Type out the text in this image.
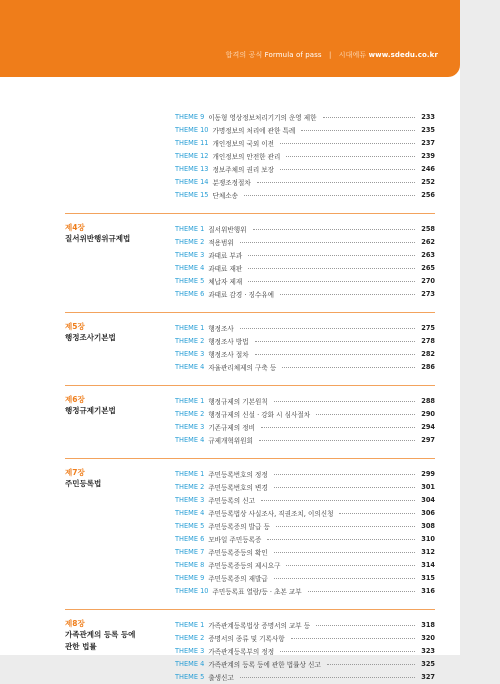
합격의 공식 Formula of pass | 시대에듀 www.sdedu.co.kr
THEME 9 이동형 영상정보처리기기의 운영 제한	233
THEME 10 가명정보의 처리에 관한 특례	235
THEME 11 개인정보의 국외 이전	237
THEME 12 개인정보의 안전한 관리	239
THEME 13 정보주체의 권리 보장	246
THEME 14 분쟁조정절차	252
THEME 15 단체소송	256
제4장
질서위반행위규제법
THEME 1 질서위반행위	258
THEME 2 적용범위	262
THEME 3 과태료 부과	263
THEME 4 과태료 재판	265
THEME 5 체납자 제재	270
THEME 6 과태료 감경 · 징수유예	273
제5장
행정조사기본법
THEME 1 행정조사	275
THEME 2 행정조사 방법	278
THEME 3 행정조사 절차	282
THEME 4 자율관리체제의 구축 등	286
제6장
행정규제기본법
THEME 1 행정규제의 기본원칙	288
THEME 2 행정규제의 신설 · 강화 시 심사절차	290
THEME 3 기존규제의 정비	294
THEME 4 규제개혁위원회	297
제7장
주민등록법
THEME 1 주민등록번호의 정정	299
THEME 2 주민등록번호의 변경	301
THEME 3 주민등록의 신고	304
THEME 4 주민등록법상 사실조사, 직권조치, 이의신청	306
THEME 5 주민등록증의 발급 등	308
THEME 6 모바일 주민등록증	310
THEME 7 주민등록증등의 확인	312
THEME 8 주민등록증등의 제시요구	314
THEME 9 주민등록증의 재발급	315
THEME 10 주민등록표 열람/등 · 초본 교부	316
제8장
가족관계의 등록 등에
관한 법률
THEME 1 가족관계등록법상 증명서의 교부 등	318
THEME 2 증명서의 종류 및 기록사항	320
THEME 3 가족관계등록부의 정정	323
THEME 4 가족관계의 등록 등에 관한 법률상 신고	325
THEME 5 출생신고	327
